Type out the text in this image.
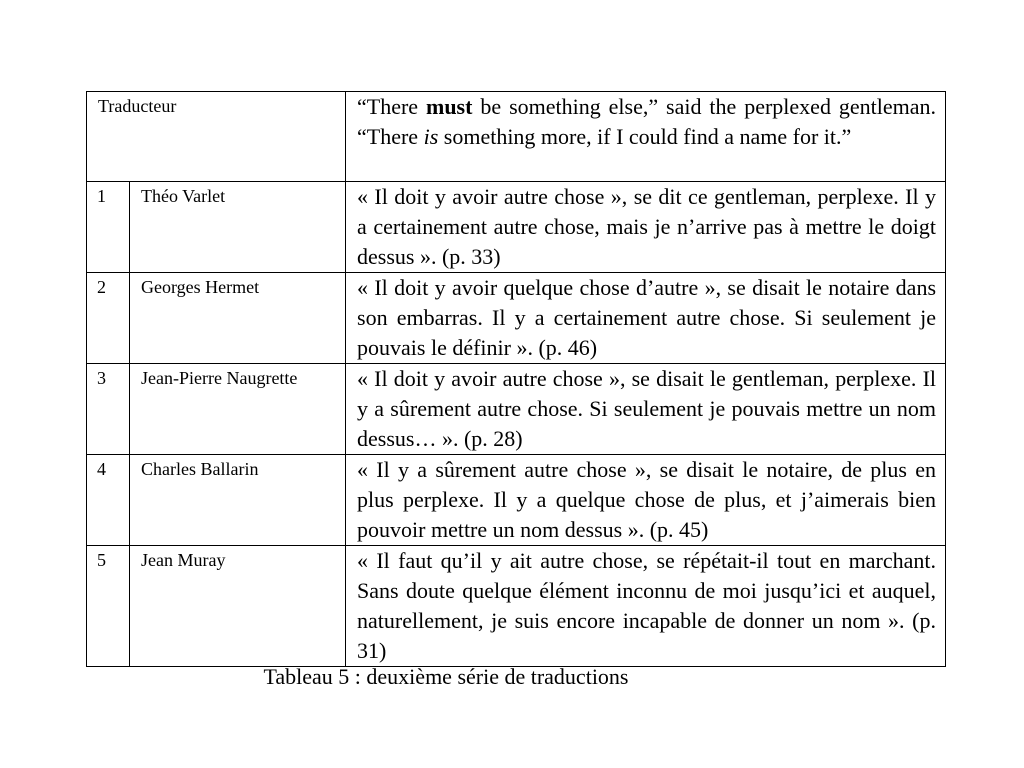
Traducteur		“There must be something else,” said the perplexed gentleman. “There is something more, if I could find a name for it.”

1	Théo Varlet	« Il doit y avoir autre chose », se dit ce gentleman, perplexe. Il y a certainement autre chose, mais je n’arrive pas à mettre le doigt dessus ». (p. 33)

2	Georges Hermet	« Il doit y avoir quelque chose d’autre », se disait le notaire dans son embarras. Il y a certainement autre chose. Si seulement je pouvais le définir ». (p. 46)

3	Jean-Pierre Naugrette	« Il doit y avoir autre chose », se disait le gentleman, perplexe. Il y a sûrement autre chose. Si seulement je pouvais mettre un nom dessus… ». (p. 28)

4	Charles Ballarin	« Il y a sûrement autre chose », se disait le notaire, de plus en plus perplexe. Il y a quelque chose de plus, et j’aimerais bien pouvoir mettre un nom dessus ». (p. 45)

5	Jean Muray	« Il faut qu’il y ait autre chose, se répétait-il tout en marchant. Sans doute quelque élément inconnu de moi jusqu’ici et auquel, naturellement, je suis encore incapable de donner un nom ». (p. 31)
Tableau 5 : deuxième série de traductions
